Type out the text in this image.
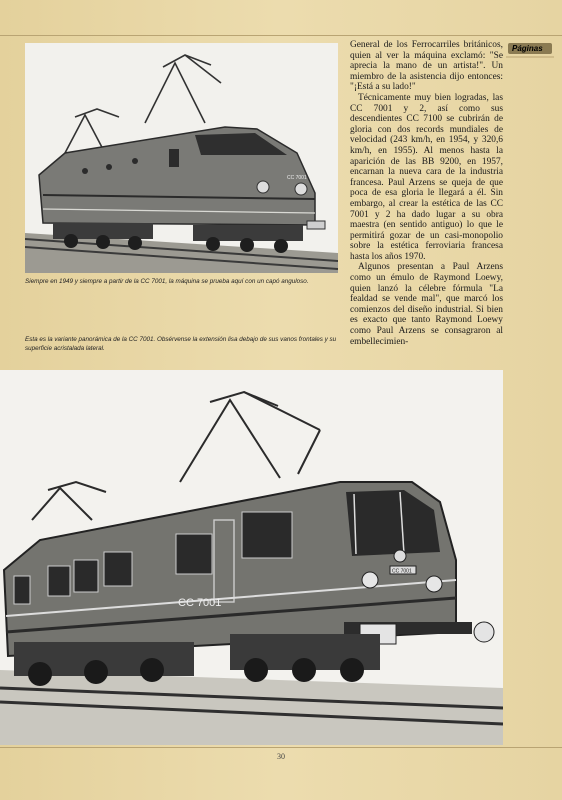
Páginas
CC 7001
Siempre en 1949 y siempre a partir de la CC 7001, la máquina se prueba aquí con un capó anguloso.
Esta es la variante panorámica de la CC 7001. Obsérvense la extensión lisa debajo de sus vanos frontales y su superficie acristalada lateral.

General de los Ferrocarriles británicos, quien al ver la máquina exclamó: "Se aprecia la mano de un artista!". Un miembro de la asistencia dijo entonces: "¡Está a su lado!"

Técnicamente muy bien logradas, las CC 7001 y 2, así como sus descendientes CC 7100 se cubrirán de gloria con dos records mundiales de velocidad (243 km/h, en 1954, y 320,6 km/h, en 1955). Al menos hasta la aparición de las BB 9200, en 1957, encarnan la nueva cara de la industria francesa. Paul Arzens se queja de que poca de esa gloria le llegará a él. Sin embargo, al crear la estética de las CC 7001 y 2 ha dado lugar a su obra maestra (en sentido antiguo) lo que le permitirá gozar de un casi-monopolio sobre la estética ferroviaria francesa hasta los años 1970.

Algunos presentan a Paul Arzens como un émulo de Raymond Loewy, quien lanzó la célebre fórmula "La fealdad se vende mal", que marcó los comienzos del diseño industrial. Si bien es exacto que tanto Raymond Loewy como Paul Arzens se consagraron al embellecimien-

CC 7001
CC 7001
30
